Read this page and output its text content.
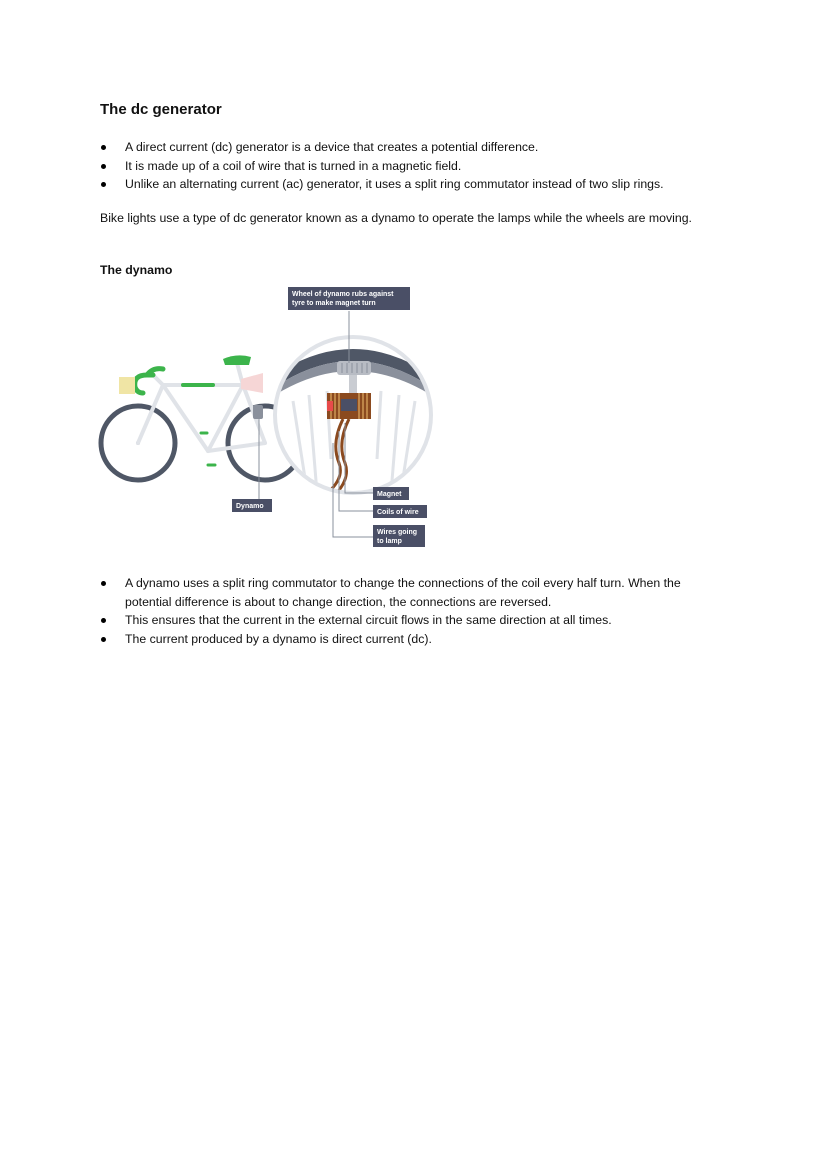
The dc generator
A direct current (dc) generator is a device that creates a potential difference.
It is made up of a coil of wire that is turned in a magnetic field.
Unlike an alternating current (ac) generator, it uses a split ring commutator instead of two slip rings.

Bike lights use a type of dc generator known as a dynamo to operate the lamps while the wheels are moving.

The dynamo
Wheel of dynamo rubs against
tyre to make magnet turn
Dynamo
Magnet
Coils of wire
Wires going
to lamp
A dynamo uses a split ring commutator to change the connections of the coil every half turn. When the potential difference is about to change direction, the connections are reversed.
This ensures that the current in the external circuit flows in the same direction at all times.
The current produced by a dynamo is direct current (dc).
